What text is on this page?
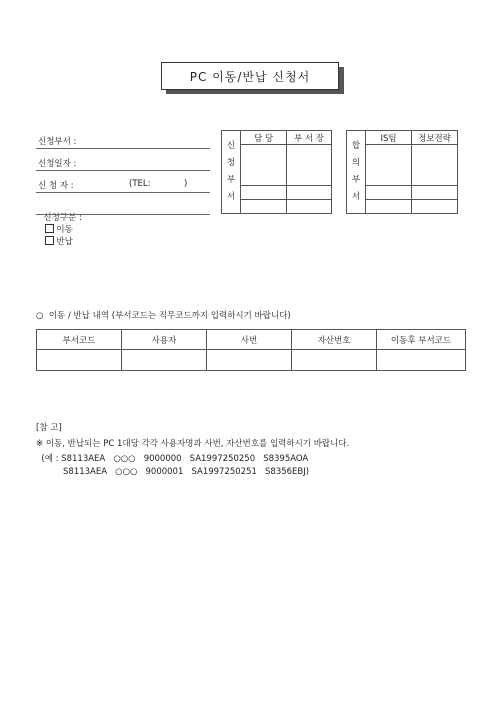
PC 이동/반납 신청서
신청부서 :
신청일자 :
신 청 자 :	(TEL:	)

신청구분 :
이동
반납

신
청
부
서	담 당	부 서 장

합
의
부
서	IS팀	정보전략

○  이동 / 반납 내역 (부서코드는 직무코드까지 입력하시기 바랍니다)
부서코드	사용자	사번	자산번호	이동후 부서코드

[참 고]
※ 이동, 반납되는 PC 1대당 각각 사용자명과 사번, 자산번호를 입력하시기 바랍니다.
(예 : S8113AEA   ○○○   9000000   SA1997250250   S8395AOA
S8113AEA   ○○○   9000001   SA1997250251   S8356EBJ)
